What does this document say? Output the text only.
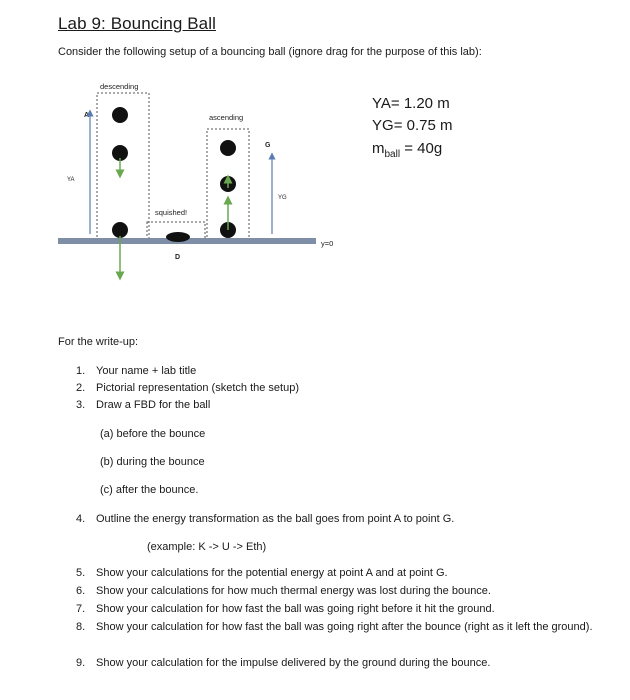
Lab 9: Bouncing Ball
Consider the following setup of a bouncing ball (ignore drag for the purpose of this lab):
descending
ascending
squished!
A
G
D
YA
YG
y=0
YA= 1.20 m
YG= 0.75 m
$m_{ball} = 40g$
For the write-up:
1. Your name + lab title
2. Pictorial representation (sketch the setup)
3. Draw a FBD for the ball
(a) before the bounce
(b) during the bounce
(c) after the bounce.
4. Outline the energy transformation as the ball goes from point A to point G.
(example: K -> U -> Eth)
5. Show your calculations for the potential energy at point A and at point G.
6. Show your calculations for how much thermal energy was lost during the bounce.
7. Show your calculation for how fast the ball was going right before it hit the ground.
8. Show your calculation for how fast the ball was going right after the bounce (right as it left the ground).
9. Show your calculation for the impulse delivered by the ground during the bounce.
